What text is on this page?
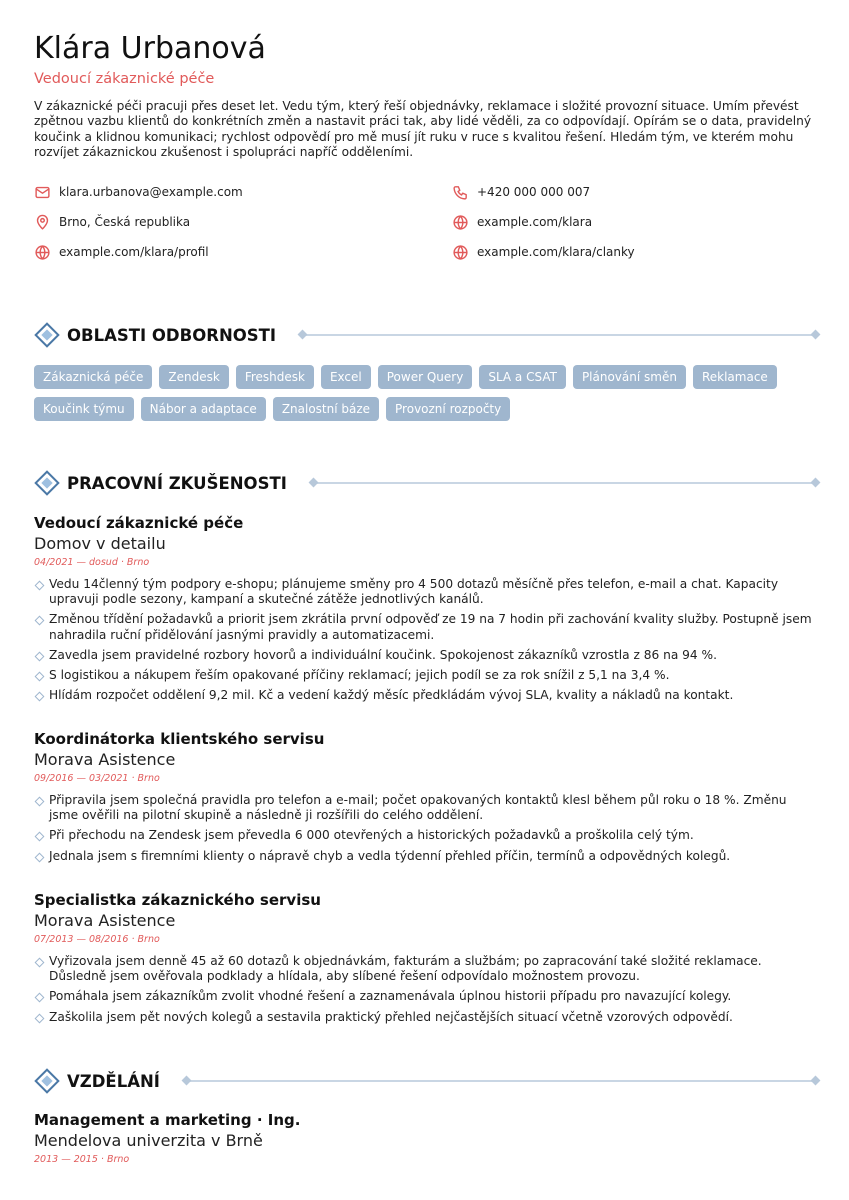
Klára Urbanová
Vedoucí zákaznické péče
V zákaznické péči pracuji přes deset let. Vedu tým, který řeší objednávky, reklamace i složité provozní situace. Umím převést zpětnou vazbu klientů do konkrétních změn a nastavit práci tak, aby lidé věděli, za co odpovídají. Opírám se o data, pravidelný koučink a klidnou komunikaci; rychlost odpovědí pro mě musí jít ruku v ruce s kvalitou řešení. Hledám tým, ve kterém mohu rozvíjet zákaznickou zkušenost i spolupráci napříč odděleními.
klara.urbanova@example.com	+420 000 000 007
Brno, Česká republika	example.com/klara
example.com/klara/profil	example.com/klara/clanky
OBLASTI ODBORNOSTI
Zákaznická péče	Zendesk	Freshdesk	Excel	Power Query	SLA a CSAT	Plánování směn	Reklamace
Koučink týmu	Nábor a adaptace	Znalostní báze	Provozní rozpočty
PRACOVNÍ ZKUŠENOSTI
Vedoucí zákaznické péče
Domov v detailu
04/2021 — dosud · Brno
Vedu 14členný tým podpory e-shopu; plánujeme směny pro 4 500 dotazů měsíčně přes telefon, e-mail a chat. Kapacity upravuji podle sezony, kampaní a skutečné zátěže jednotlivých kanálů.
Změnou třídění požadavků a priorit jsem zkrátila první odpověď ze 19 na 7 hodin při zachování kvality služby. Postupně jsem nahradila ruční přidělování jasnými pravidly a automatizacemi.
Zavedla jsem pravidelné rozbory hovorů a individuální koučink. Spokojenost zákazníků vzrostla z 86 na 94 %.
S logistikou a nákupem řeším opakované příčiny reklamací; jejich podíl se za rok snížil z 5,1 na 3,4 %.
Hlídám rozpočet oddělení 9,2 mil. Kč a vedení každý měsíc předkládám vývoj SLA, kvality a nákladů na kontakt.
Koordinátorka klientského servisu
Morava Asistence
09/2016 — 03/2021 · Brno
Připravila jsem společná pravidla pro telefon a e-mail; počet opakovaných kontaktů klesl během půl roku o 18 %. Změnu jsme ověřili na pilotní skupině a následně ji rozšířili do celého oddělení.
Při přechodu na Zendesk jsem převedla 6 000 otevřených a historických požadavků a proškolila celý tým.
Jednala jsem s firemními klienty o nápravě chyb a vedla týdenní přehled příčin, termínů a odpovědných kolegů.
Specialistka zákaznického servisu
Morava Asistence
07/2013 — 08/2016 · Brno
Vyřizovala jsem denně 45 až 60 dotazů k objednávkám, fakturám a službám; po zapracování také složité reklamace. Důsledně jsem ověřovala podklady a hlídala, aby slíbené řešení odpovídalo možnostem provozu.
Pomáhala jsem zákazníkům zvolit vhodné řešení a zaznamenávala úplnou historii případu pro navazující kolegy.
Zaškolila jsem pět nových kolegů a sestavila praktický přehled nejčastějších situací včetně vzorových odpovědí.
VZDĚLÁNÍ
Management a marketing · Ing.
Mendelova univerzita v Brně
2013 — 2015 · Brno
